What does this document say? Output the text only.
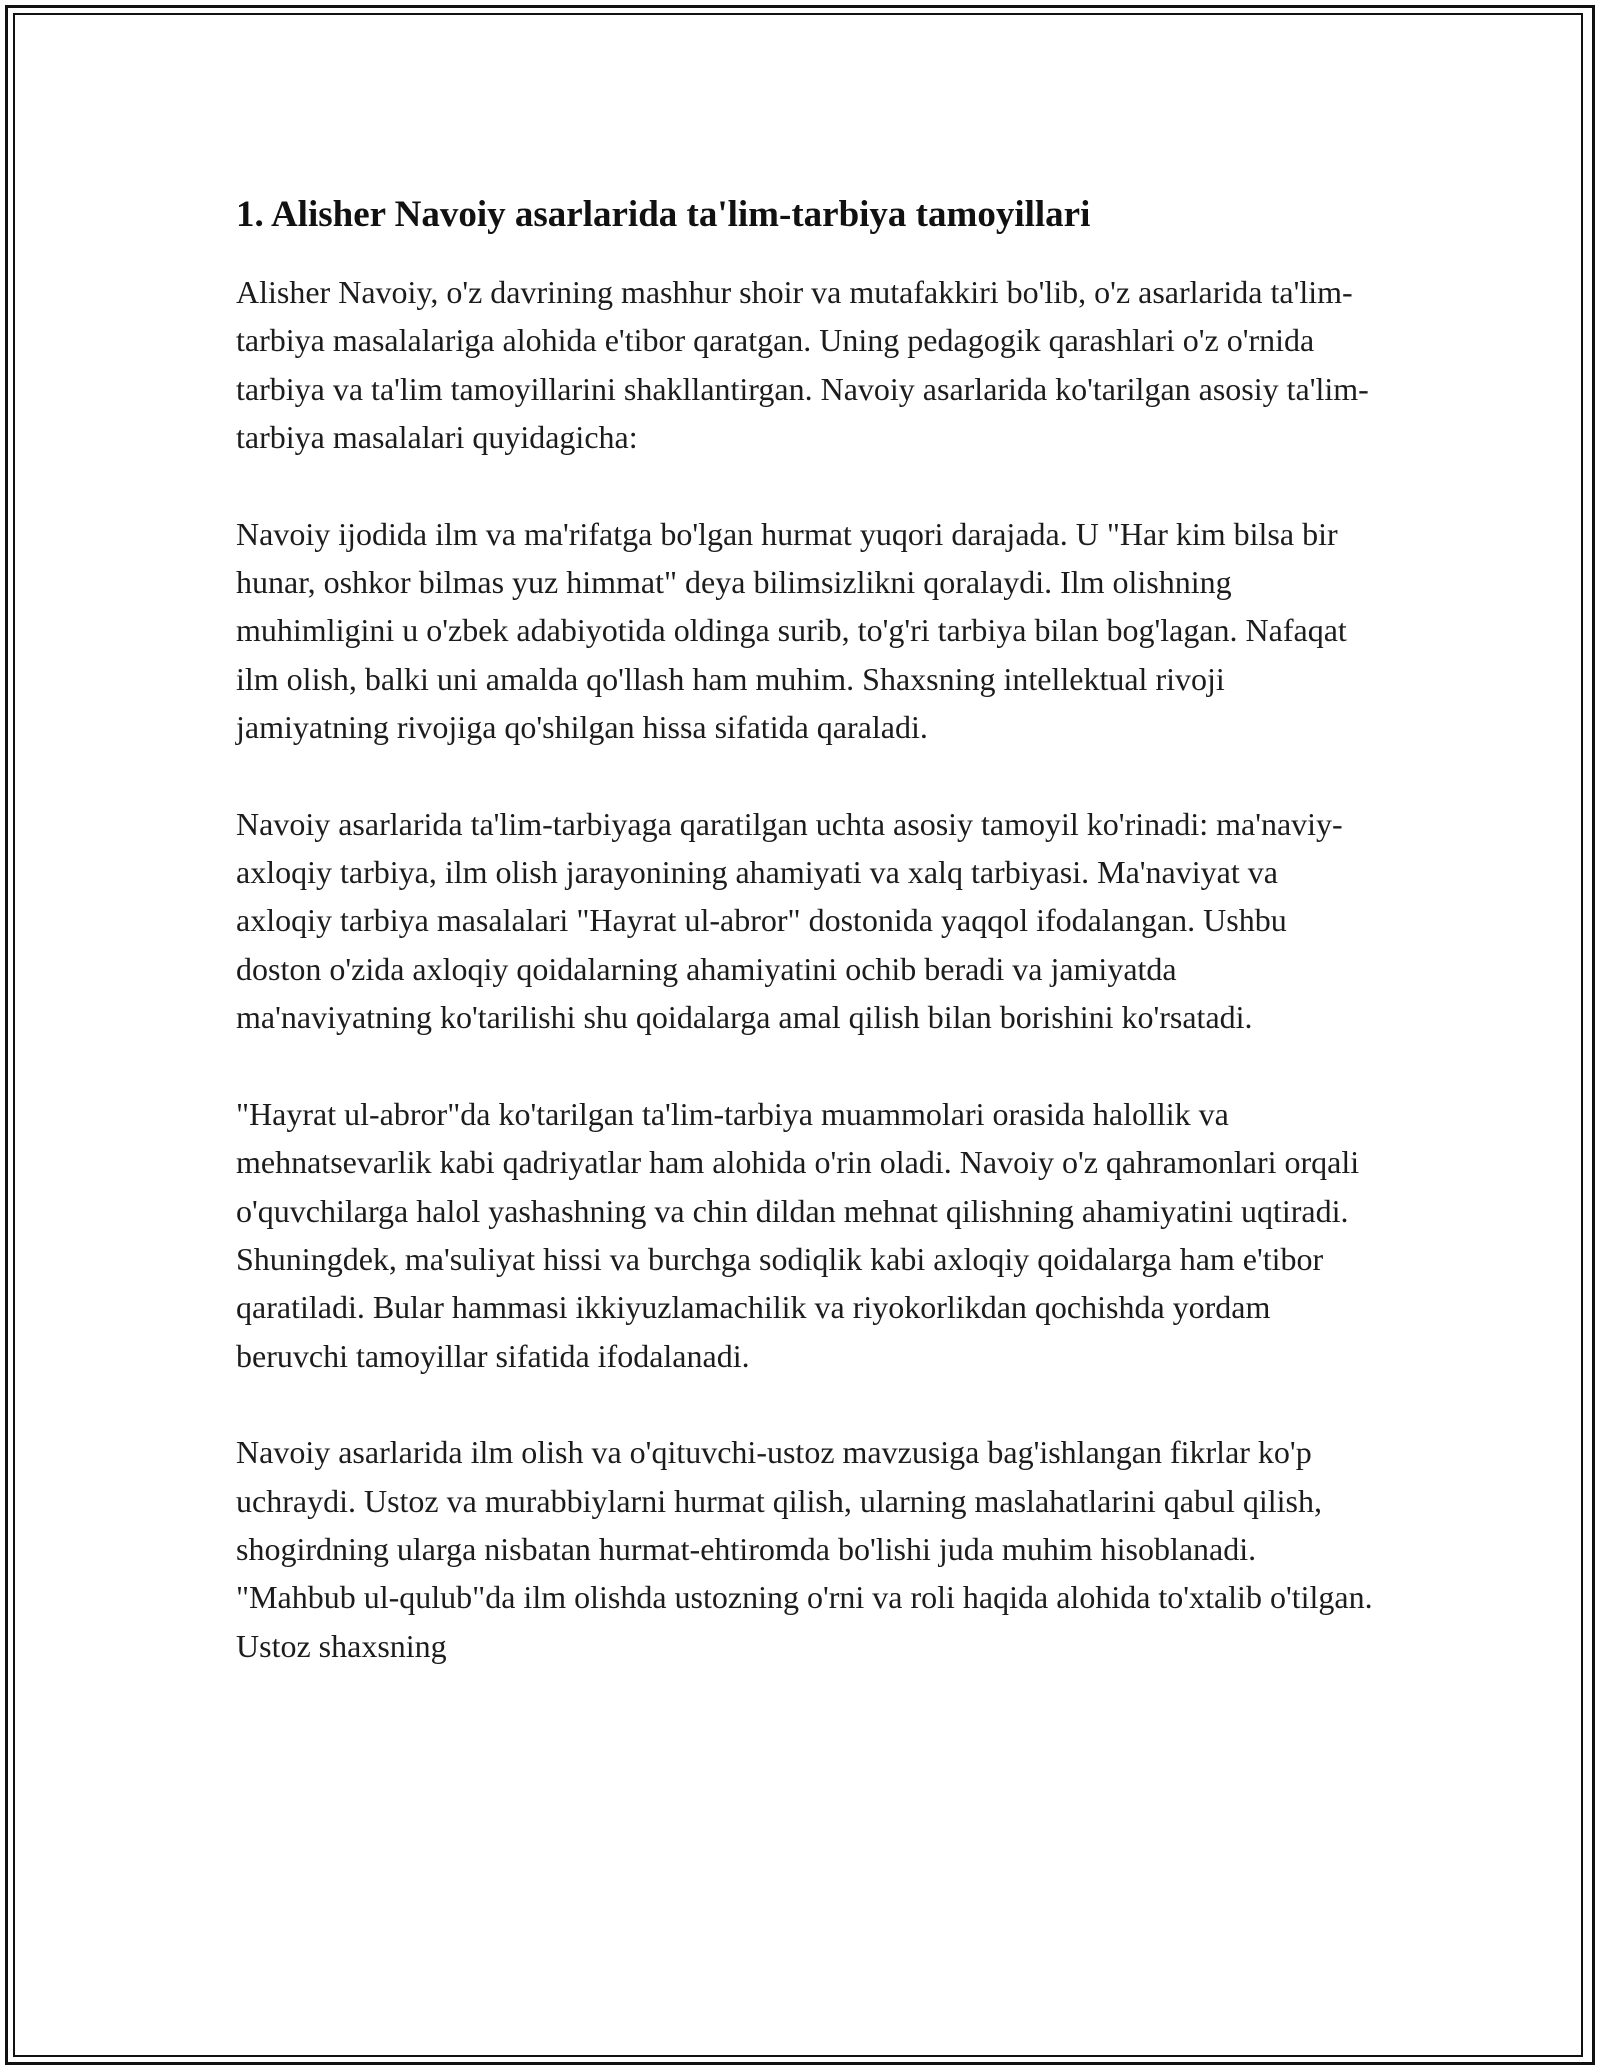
1. Alisher Navoiy asarlarida ta'lim-tarbiya tamoyillari

Alisher Navoiy, o'z davrining mashhur shoir va mutafakkiri bo'lib, o'z asarlarida ta'lim-tarbiya masalalariga alohida e'tibor qaratgan. Uning pedagogik qarashlari o'z o'rnida tarbiya va ta'lim tamoyillarini shakllantirgan. Navoiy asarlarida ko'tarilgan asosiy ta'lim-tarbiya masalalari quyidagicha:

Navoiy ijodida ilm va ma'rifatga bo'lgan hurmat yuqori darajada. U "Har kim bilsa bir hunar, oshkor bilmas yuz himmat" deya bilimsizlikni qoralaydi. Ilm olishning muhimligini u o'zbek adabiyotida oldinga surib, to'g'ri tarbiya bilan bog'lagan. Nafaqat ilm olish, balki uni amalda qo'llash ham muhim. Shaxsning intellektual rivoji jamiyatning rivojiga qo'shilgan hissa sifatida qaraladi.

Navoiy asarlarida ta'lim-tarbiyaga qaratilgan uchta asosiy tamoyil ko'rinadi: ma'naviy-axloqiy tarbiya, ilm olish jarayonining ahamiyati va xalq tarbiyasi. Ma'naviyat va axloqiy tarbiya masalalari "Hayrat ul-abror" dostonida yaqqol ifodalangan. Ushbu doston o'zida axloqiy qoidalarning ahamiyatini ochib beradi va jamiyatda ma'naviyatning ko'tarilishi shu qoidalarga amal qilish bilan borishini ko'rsatadi.

"Hayrat ul-abror"da ko'tarilgan ta'lim-tarbiya muammolari orasida halollik va mehnatsevarlik kabi qadriyatlar ham alohida o'rin oladi. Navoiy o'z qahramonlari orqali o'quvchilarga halol yashashning va chin dildan mehnat qilishning ahamiyatini uqtiradi. Shuningdek, ma'suliyat hissi va burchga sodiqlik kabi axloqiy qoidalarga ham e'tibor qaratiladi. Bular hammasi ikkiyuzlamachilik va riyokorlikdan qochishda yordam beruvchi tamoyillar sifatida ifodalanadi.

Navoiy asarlarida ilm olish va o'qituvchi-ustoz mavzusiga bag'ishlangan fikrlar ko'p uchraydi. Ustoz va murabbiylarni hurmat qilish, ularning maslahatlarini qabul qilish, shogirdning ularga nisbatan hurmat-ehtiromda bo'lishi juda muhim hisoblanadi. "Mahbub ul-qulub"da ilm olishda ustozning o'rni va roli haqida alohida to'xtalib o'tilgan. Ustoz shaxsning
